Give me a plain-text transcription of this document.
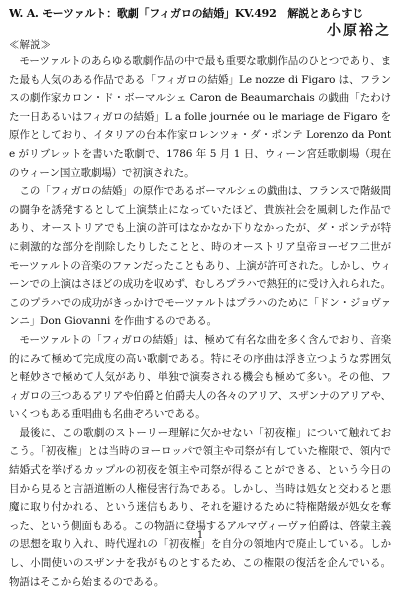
W. A. モーツァルト：歌劇「フィガロの結婚」KV.492　解説とあらすじ
小原裕之
≪解説≫

モーツァルトのあらゆる歌劇作品の中で最も重要な歌劇作品のひとつであり、また最も人気のある作品である「フィガロの結婚」Le nozze di Figaro は、フランスの劇作家カロン・ド・ボーマルシェ Caron de Beaumarchais の戯曲「たわけた一日あるいはフィガロの結婚」L a folle journée ou le mariage de Figaro を原作としており、イタリアの台本作家ロレンツォ・ダ・ポンテ Lorenzo da Ponte がリブレットを書いた歌劇で、1786 年 5 月 1 日、ウィーン宮廷歌劇場（現在のウィーン国立歌劇場）で初演された。

この「フィガロの結婚」の原作であるボーマルシェの戯曲は、フランスで階級間の闘争を誘発するとして上演禁止になっていたほど、貴族社会を風刺した作品であり、オーストリアでも上演の許可はなかなか下りなかったが、ダ・ポンテが特に刺激的な部分を削除したりしたことと、時のオーストリア皇帝ヨーゼフ二世がモーツァルトの音楽のファンだったこともあり、上演が許可された。しかし、ウィーンでの上演はさほどの成功を収めず、むしろプラハで熱狂的に受け入れられた。このプラハでの成功がきっかけでモーツァルトはプラハのために「ドン・ジョヴァンニ」Don Giovanni を作曲するのである。

モーツァルトの「フィガロの結婚」は、極めて有名な曲を多く含んでおり、音楽的にみて極めて完成度の高い歌劇である。特にその序曲は浮き立つような雰囲気と軽妙さで極めて人気があり、単独で演奏される機会も極めて多い。その他、フィガロの三つあるアリアや伯爵と伯爵夫人の各々のアリア、スザンナのアリアや、いくつもある重唱曲も名曲ぞろいである。

最後に、この歌劇のストーリー理解に欠かせない「初夜権」について触れておこう。「初夜権」とは当時のヨーロッパで領主や司祭が有していた権限で、領内で結婚式を挙げるカップルの初夜を領主や司祭が得ることができる、という今日の目から見ると言語道断の人権侵害行為である。しかし、当時は処女と交わると悪魔に取り付かれる、という迷信もあり、それを避けるために特権階級が処女を奪った、という側面もある。この物語に登場するアルマヴィーヴァ伯爵は、啓蒙主義の思想を取り入れ、時代遅れの「初夜権」を自分の領地内で廃止している。しかし、小間使いのスザンナを我がものとするため、この権限の復活を企んでいる。物語はそこから始まるのである。

1
